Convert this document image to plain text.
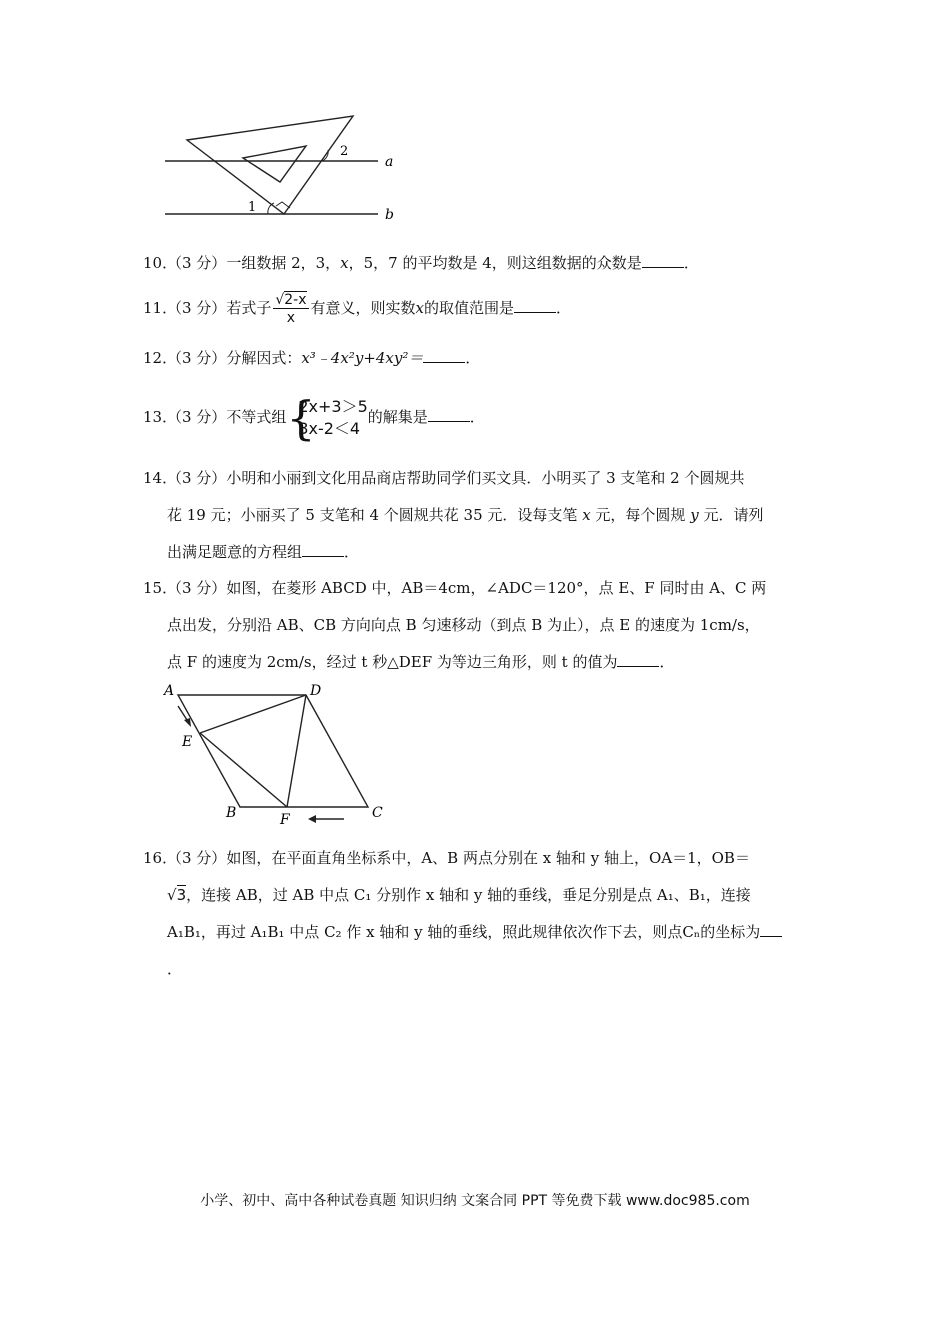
1
2
a
b
10．（3 分）一组数据 2，3，x，5，7 的平均数是 4，则这组数据的众数是	．
11．（3 分）若式子 $\frac{√2-x}{x}$ 有意义，则实数x的取值范围是	．
12．（3 分）分解因式：x³﹣4x²y+4xy²＝	．
13．（3 分）不等式组 {
2x+3＞5
3x-2＜4的解集是	．
14．（3 分）小明和小丽到文化用品商店帮助同学们买文具．小明买了 3 支笔和 2 个圆规共
花 19 元；小丽买了 5 支笔和 4 个圆规共花 35 元．设每支笔 x 元，每个圆规 y 元．请列
出满足题意的方程组	．
15．（3 分）如图，在菱形 ABCD 中，AB＝4cm，∠ADC＝120°，点 E、F 同时由 A、C 两
点出发，分别沿 AB、CB 方向向点 B 匀速移动（到点 B 为止），点 E 的速度为 1cm/s，
点 F 的速度为 2cm/s，经过 t 秒△DEF 为等边三角形，则 t 的值为	．
A	D
E
B	F	C
16．（3 分）如图，在平面直角坐标系中，A、B 两点分别在 x 轴和 y 轴上，OA＝1，OB＝
√3，连接 AB，过 AB 中点 C₁ 分别作 x 轴和 y 轴的垂线，垂足分别是点 A₁、B₁，连接
A₁B₁，再过 A₁B₁ 中点 C₂ 作 x 轴和 y 轴的垂线，照此规律依次作下去，则点Cₙ的坐标为
．
小学、初中、高中各种试卷真题 知识归纳 文案合同 PPT 等免费下载 www.doc985.com
